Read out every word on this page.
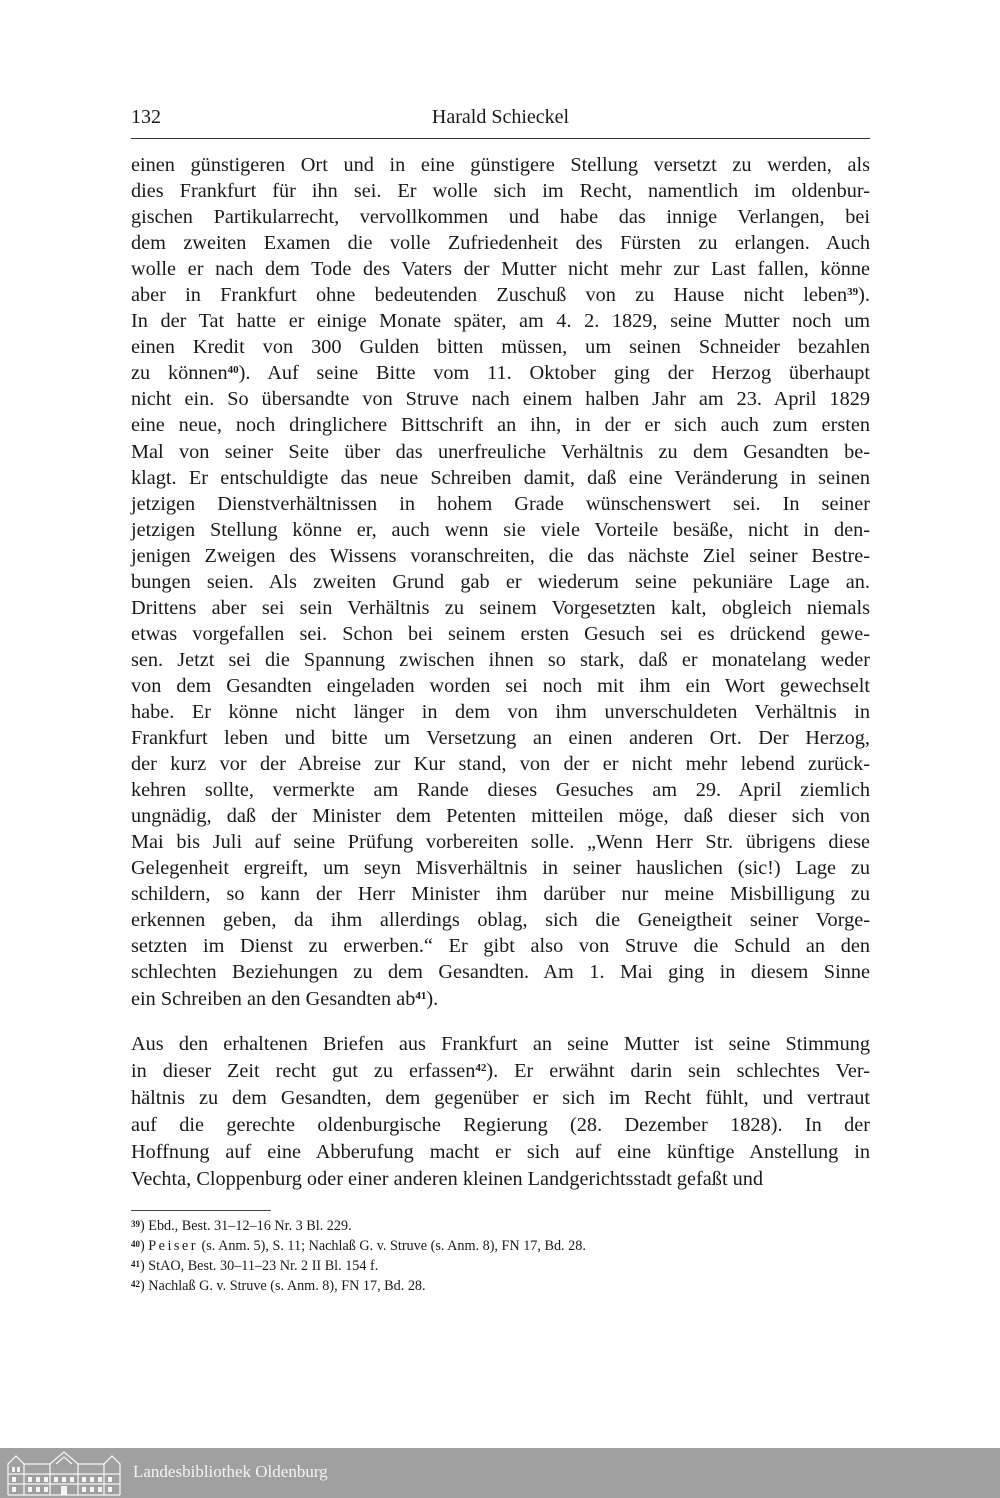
132	Harald Schieckel
einen günstigeren Ort und in eine günstigere Stellung versetzt zu werden, als
dies Frankfurt für ihn sei. Er wolle sich im Recht, namentlich im oldenbur-
gischen Partikularrecht, vervollkommen und habe das innige Verlangen, bei
dem zweiten Examen die volle Zufriedenheit des Fürsten zu erlangen. Auch
wolle er nach dem Tode des Vaters der Mutter nicht mehr zur Last fallen, könne
aber in Frankfurt ohne bedeutenden Zuschuß von zu Hause nicht leben$^{39}$).
In der Tat hatte er einige Monate später, am 4. 2. 1829, seine Mutter noch um
einen Kredit von 300 Gulden bitten müssen, um seinen Schneider bezahlen
zu können$^{40}$). Auf seine Bitte vom 11. Oktober ging der Herzog überhaupt
nicht ein. So übersandte von Struve nach einem halben Jahr am 23. April 1829
eine neue, noch dringlichere Bittschrift an ihn, in der er sich auch zum ersten
Mal von seiner Seite über das unerfreuliche Verhältnis zu dem Gesandten be-
klagt. Er entschuldigte das neue Schreiben damit, daß eine Veränderung in seinen
jetzigen Dienstverhältnissen in hohem Grade wünschenswert sei. In seiner
jetzigen Stellung könne er, auch wenn sie viele Vorteile besäße, nicht in den-
jenigen Zweigen des Wissens voranschreiten, die das nächste Ziel seiner Bestre-
bungen seien. Als zweiten Grund gab er wiederum seine pekuniäre Lage an.
Drittens aber sei sein Verhältnis zu seinem Vorgesetzten kalt, obgleich niemals
etwas vorgefallen sei. Schon bei seinem ersten Gesuch sei es drückend gewe-
sen. Jetzt sei die Spannung zwischen ihnen so stark, daß er monatelang weder
von dem Gesandten eingeladen worden sei noch mit ihm ein Wort gewechselt
habe. Er könne nicht länger in dem von ihm unverschuldeten Verhältnis in
Frankfurt leben und bitte um Versetzung an einen anderen Ort. Der Herzog,
der kurz vor der Abreise zur Kur stand, von der er nicht mehr lebend zurück-
kehren sollte, vermerkte am Rande dieses Gesuches am 29. April ziemlich
ungnädig, daß der Minister dem Petenten mitteilen möge, daß dieser sich von
Mai bis Juli auf seine Prüfung vorbereiten solle. „Wenn Herr Str. übrigens diese
Gelegenheit ergreift, um seyn Misverhältnis in seiner hauslichen (sic!) Lage zu
schildern, so kann der Herr Minister ihm darüber nur meine Misbilligung zu
erkennen geben, da ihm allerdings oblag, sich die Geneigtheit seiner Vorge-
setzten im Dienst zu erwerben.“ Er gibt also von Struve die Schuld an den
schlechten Beziehungen zu dem Gesandten. Am 1. Mai ging in diesem Sinne
ein Schreiben an den Gesandten ab$^{41}$).
Aus den erhaltenen Briefen aus Frankfurt an seine Mutter ist seine Stimmung
in dieser Zeit recht gut zu erfassen$^{42}$). Er erwähnt darin sein schlechtes Ver-
hältnis zu dem Gesandten, dem gegenüber er sich im Recht fühlt, und vertraut
auf die gerechte oldenburgische Regierung (28. Dezember 1828). In der
Hoffnung auf eine Abberufung macht er sich auf eine künftige Anstellung in
Vechta, Cloppenburg oder einer anderen kleinen Landgerichtsstadt gefaßt und
$^{39}$) Ebd., Best. 31–12–16 Nr. 3 Bl. 229.
$^{40}$) Peiser (s. Anm. 5), S. 11; Nachlaß G. v. Struve (s. Anm. 8), FN 17, Bd. 28.
$^{41}$) StAO, Best. 30–11–23 Nr. 2 II Bl. 154 f.
$^{42}$) Nachlaß G. v. Struve (s. Anm. 8), FN 17, Bd. 28.
Landesbibliothek Oldenburg
